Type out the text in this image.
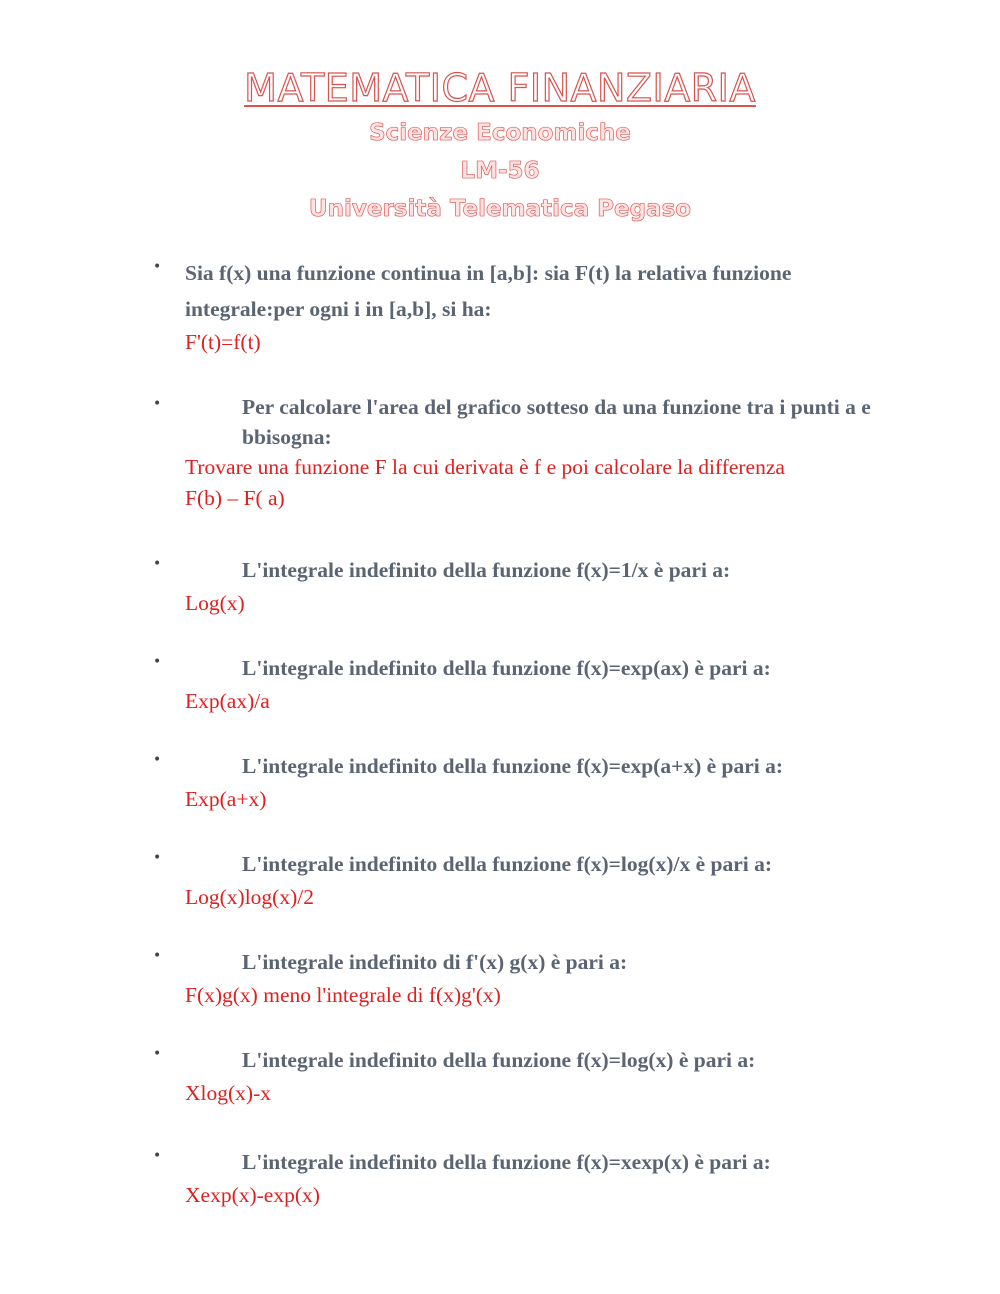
MATEMATICA FINANZIARIA
Scienze Economiche
LM-56
Università Telematica Pegaso
• Sia f(x) una funzione continua in [a,b]: sia F(t) la relativa funzione integrale:per ogni i in [a,b], si ha:
F'(t)=f(t)
•	Per calcolare l'area del grafico sotteso da una funzione tra i punti a e bbisogna:
Trovare una funzione F la cui derivata è f e poi calcolare la differenza F(b) – F( a)
•	L'integrale indefinito della funzione f(x)=1/x è pari a:
Log(x)
•	L'integrale indefinito della funzione f(x)=exp(ax) è pari a:
Exp(ax)/a
•	L'integrale indefinito della funzione f(x)=exp(a+x) è pari a:
Exp(a+x)
•	L'integrale indefinito della funzione f(x)=log(x)/x è pari a:
Log(x)log(x)/2
•	L'integrale indefinito di f'(x) g(x) è pari a:
F(x)g(x) meno l'integrale di f(x)g'(x)
•	L'integrale indefinito della funzione f(x)=log(x) è pari a:
Xlog(x)-x
•	L'integrale indefinito della funzione f(x)=xexp(x) è pari a:
Xexp(x)-exp(x)
